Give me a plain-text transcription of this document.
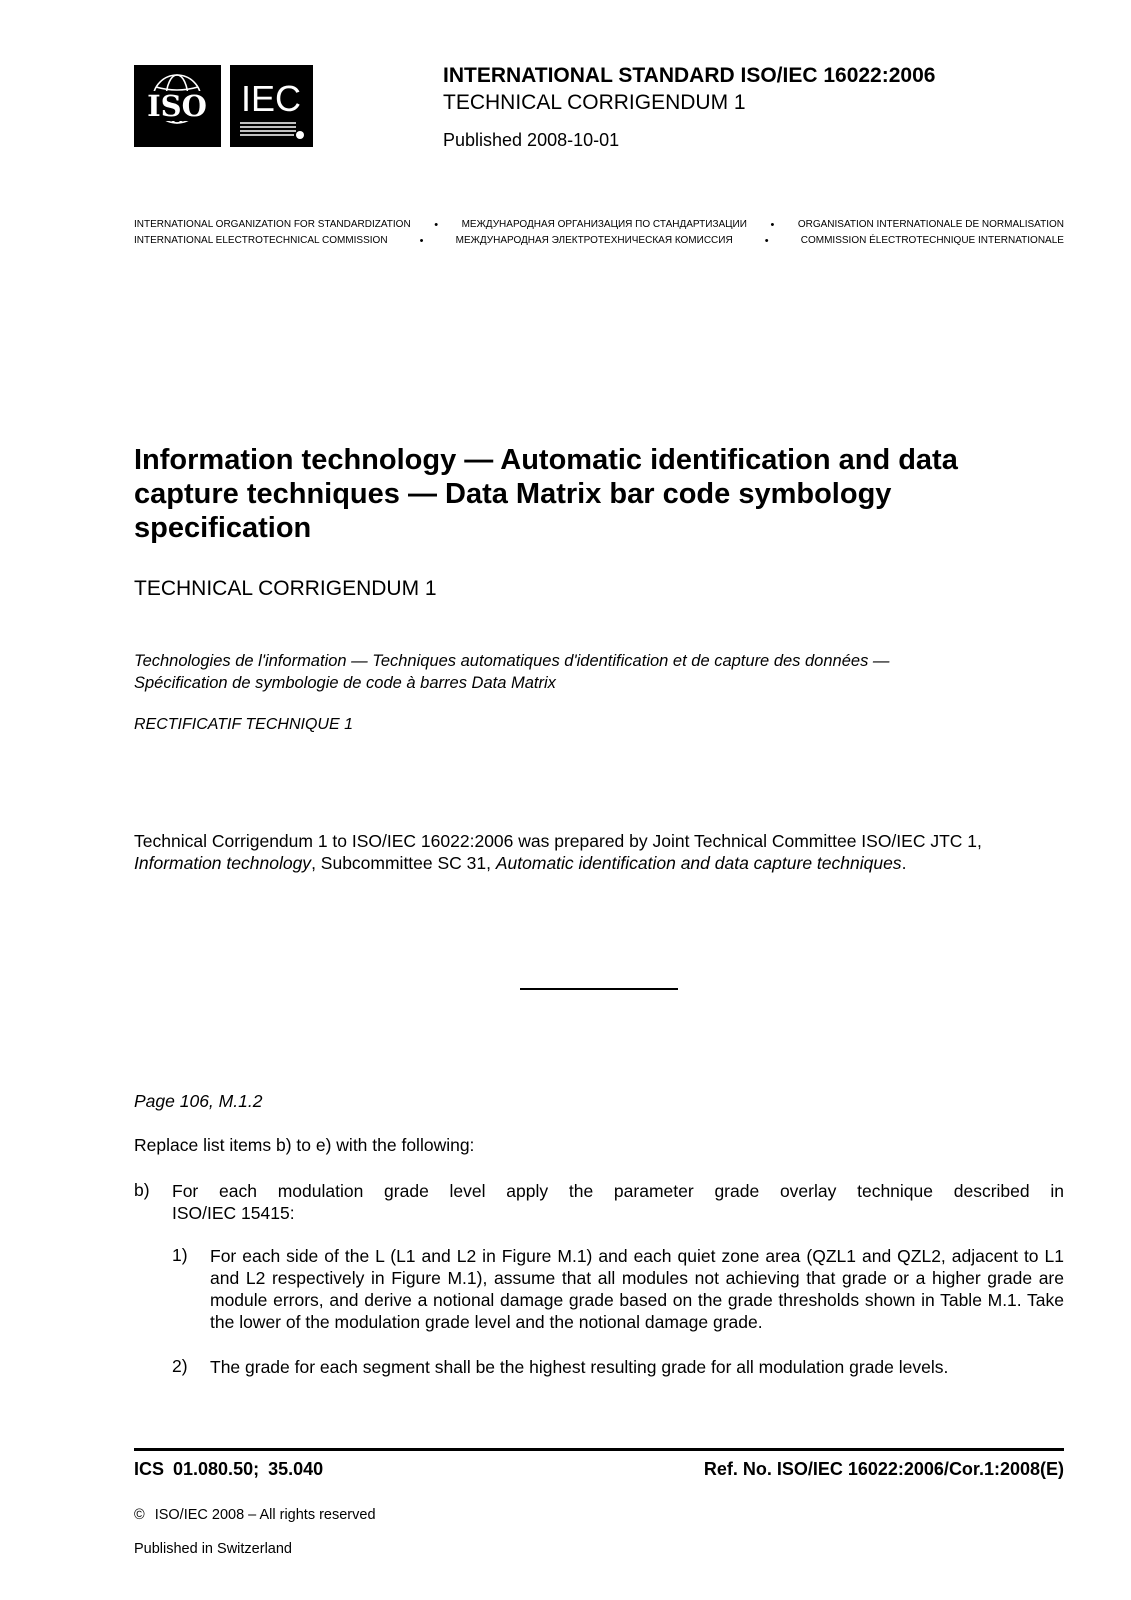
ISO IEC
INTERNATIONAL STANDARD ISO/IEC 16022:2006
TECHNICAL CORRIGENDUM 1
Published 2008-10-01
INTERNATIONAL ORGANIZATION FOR STANDARDIZATION • МЕЖДУНАРОДНАЯ ОРГАНИЗАЦИЯ ПО СТАНДАРТИЗАЦИИ • ORGANISATION INTERNATIONALE DE NORMALISATION
INTERNATIONAL ELECTROTECHNICAL COMMISSION	•	МЕЖДУНАРОДНАЯ ЭЛЕКТРОТЕХНИЧЕСКАЯ КОМИССИЯ	•	COMMISSION ÉLECTROTECHNIQUE INTERNATIONALE
Information technology — Automatic identification and data
capture techniques — Data Matrix bar code symbology
specification
TECHNICAL CORRIGENDUM 1
Technologies de l'information — Techniques automatiques d'identification et de capture des données —
Spécification de symbologie de code à barres Data Matrix
RECTIFICATIF TECHNIQUE 1
Technical Corrigendum 1 to ISO/IEC 16022:2006 was prepared by Joint Technical Committee ISO/IEC JTC 1,
Information technology, Subcommittee SC 31, Automatic identification and data capture techniques.
Page 106, M.1.2
Replace list items b) to e) with the following:
b) For each modulation grade level apply the parameter grade overlay technique described in
ISO/IEC 15415:
1) For each side of the L (L1 and L2 in Figure M.1) and each quiet zone area (QZL1 and QZL2, adjacent to L1 and L2 respectively in Figure M.1), assume that all modules not achieving that grade or a higher grade are module errors, and derive a notional damage grade based on the grade thresholds shown in Table M.1. Take the lower of the modulation grade level and the notional damage grade.
2) The grade for each segment shall be the highest resulting grade for all modulation grade levels.
ICS 01.080.50; 35.040	Ref. No. ISO/IEC 16022:2006/Cor.1:2008(E)
© ISO/IEC 2008 – All rights reserved
Published in Switzerland
